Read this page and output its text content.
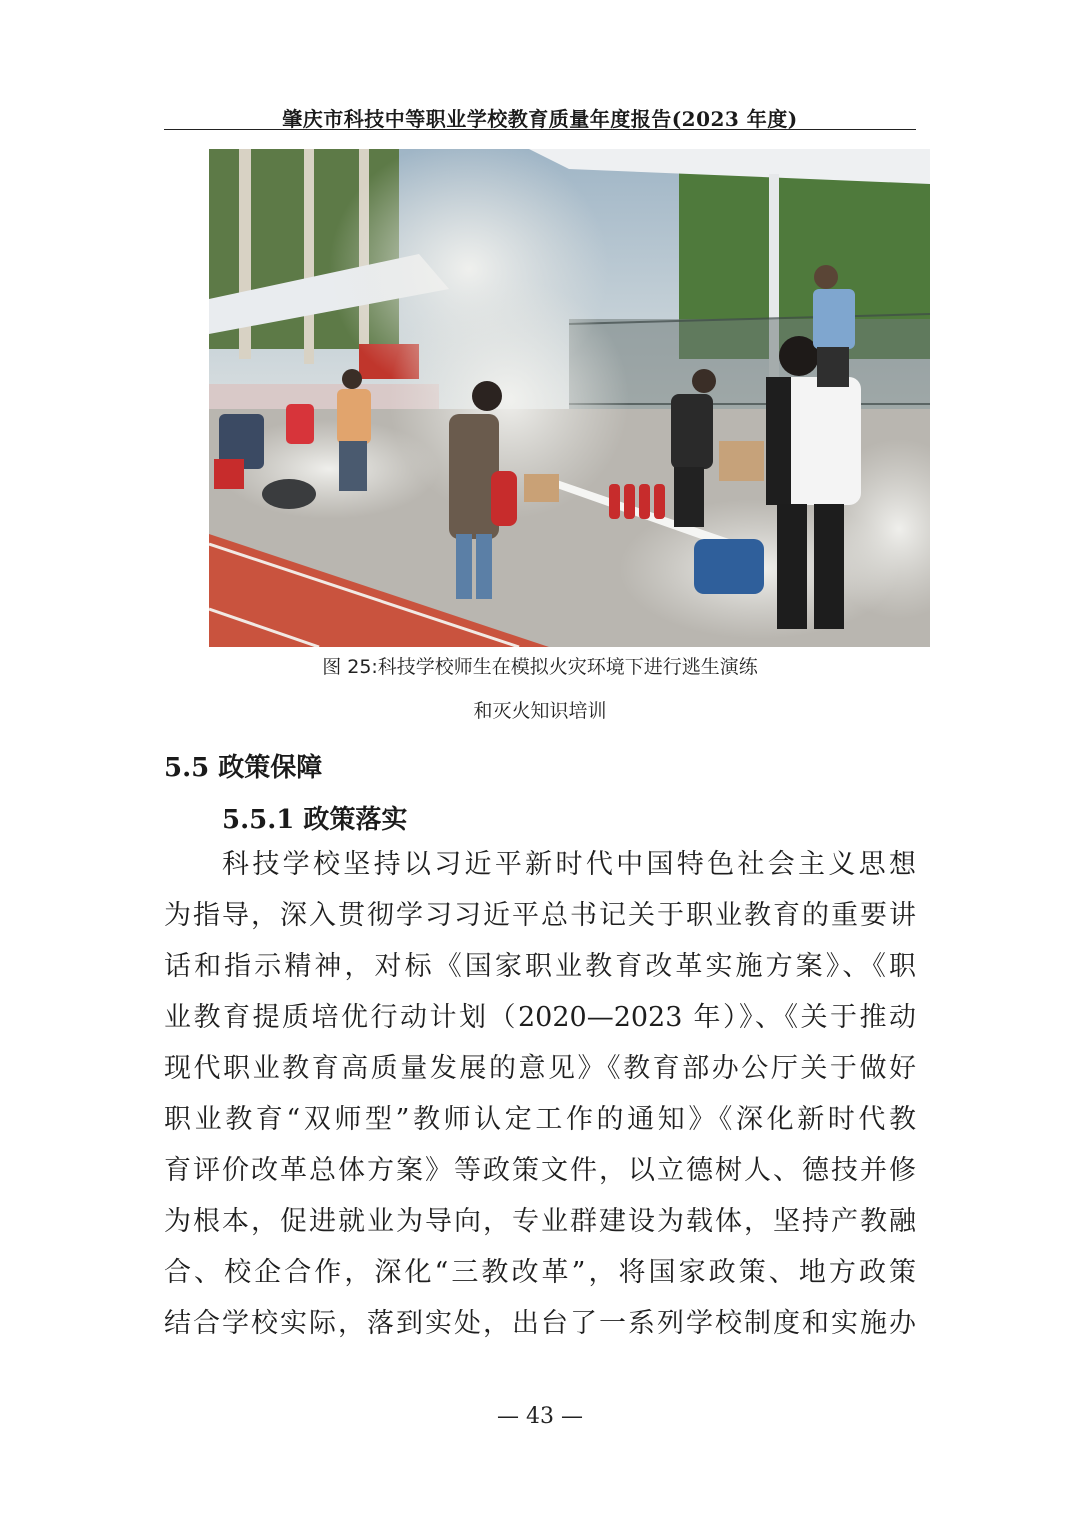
肇庆市科技中等职业学校教育质量年度报告(2023 年度)
图 25:科技学校师生在模拟火灾环境下进行逃生演练
和灭火知识培训
5.5 政策保障
5.5.1 政策落实
科技学校坚持以习近平新时代中国特色社会主义思想
为指导，深入贯彻学习习近平总书记关于职业教育的重要讲
话和指示精神，对标《国家职业教育改革实施方案》、《职
业教育提质培优行动计划（2020—2023 年）》、《关于推动
现代职业教育高质量发展的意见》《教育部办公厅关于做好
职业教育“双师型”教师认定工作的通知》《深化新时代教
育评价改革总体方案》等政策文件，以立德树人、德技并修
为根本，促进就业为导向，专业群建设为载体，坚持产教融
合、校企合作，深化“三教改革”，将国家政策、地方政策
结合学校实际，落到实处，出台了一系列学校制度和实施办
— 43 —
